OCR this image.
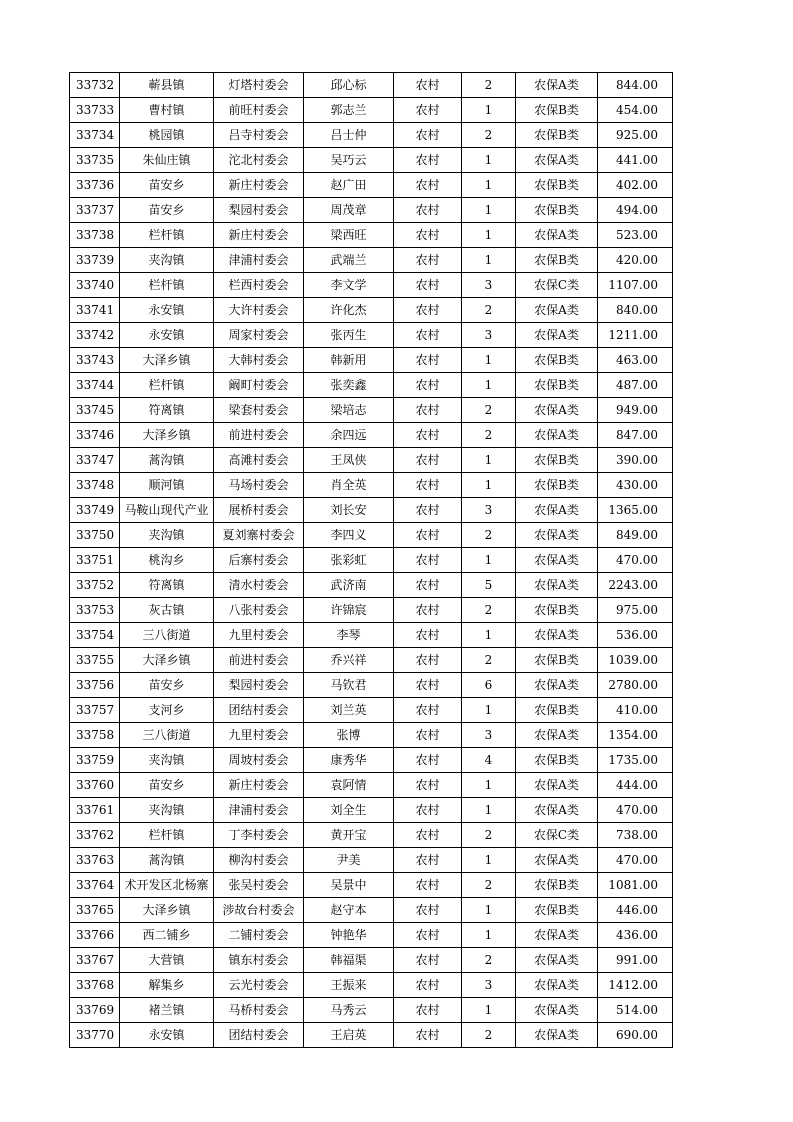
33732	蕲县镇	灯塔村委会	邱心标	农村	2	农保A类	844.00
33733	曹村镇	前旺村委会	郭志兰	农村	1	农保B类	454.00
33734	桃园镇	吕寺村委会	吕士仲	农村	2	农保B类	925.00
33735	朱仙庄镇	沱北村委会	吴巧云	农村	1	农保A类	441.00
33736	苗安乡	新庄村委会	赵广田	农村	1	农保B类	402.00
33737	苗安乡	梨园村委会	周茂章	农村	1	农保B类	494.00
33738	栏杆镇	新庄村委会	梁西旺	农村	1	农保A类	523.00
33739	夹沟镇	津浦村委会	武端兰	农村	1	农保B类	420.00
33740	栏杆镇	栏西村委会	李文学	农村	3	农保C类	1107.00
33741	永安镇	大许村委会	许化杰	农村	2	农保A类	840.00
33742	永安镇	周家村委会	张丙生	农村	3	农保A类	1211.00
33743	大泽乡镇	大韩村委会	韩新用	农村	1	农保B类	463.00
33744	栏杆镇	阚町村委会	张奕鑫	农村	1	农保B类	487.00
33745	符离镇	梁套村委会	梁培志	农村	2	农保A类	949.00
33746	大泽乡镇	前进村委会	余四远	农村	2	农保A类	847.00
33747	蒿沟镇	高滩村委会	王凤侠	农村	1	农保B类	390.00
33748	顺河镇	马场村委会	肖全英	农村	1	农保B类	430.00
33749	马鞍山现代产业	展桥村委会	刘长安	农村	3	农保A类	1365.00
33750	夹沟镇	夏刘寨村委会	李四义	农村	2	农保A类	849.00
33751	桃沟乡	后寨村委会	张彩虹	农村	1	农保A类	470.00
33752	符离镇	清水村委会	武济南	农村	5	农保A类	2243.00
33753	灰古镇	八张村委会	许锦宸	农村	2	农保B类	975.00
33754	三八街道	九里村委会	李琴	农村	1	农保A类	536.00
33755	大泽乡镇	前进村委会	乔兴祥	农村	2	农保B类	1039.00
33756	苗安乡	梨园村委会	马钦君	农村	6	农保A类	2780.00
33757	支河乡	团结村委会	刘兰英	农村	1	农保B类	410.00
33758	三八街道	九里村委会	张博	农村	3	农保A类	1354.00
33759	夹沟镇	周坡村委会	康秀华	农村	4	农保B类	1735.00
33760	苗安乡	新庄村委会	袁阿情	农村	1	农保A类	444.00
33761	夹沟镇	津浦村委会	刘全生	农村	1	农保A类	470.00
33762	栏杆镇	丁李村委会	黄开宝	农村	2	农保C类	738.00
33763	蒿沟镇	柳沟村委会	尹美	农村	1	农保A类	470.00
33764	术开发区北杨寨	张吴村委会	吴景中	农村	2	农保B类	1081.00
33765	大泽乡镇	涉故台村委会	赵守本	农村	1	农保B类	446.00
33766	西二铺乡	二铺村委会	钟艳华	农村	1	农保A类	436.00
33767	大营镇	镇东村委会	韩福渠	农村	2	农保A类	991.00
33768	解集乡	云光村委会	王振来	农村	3	农保A类	1412.00
33769	褚兰镇	马桥村委会	马秀云	农村	1	农保A类	514.00
33770	永安镇	团结村委会	王启英	农村	2	农保A类	690.00
